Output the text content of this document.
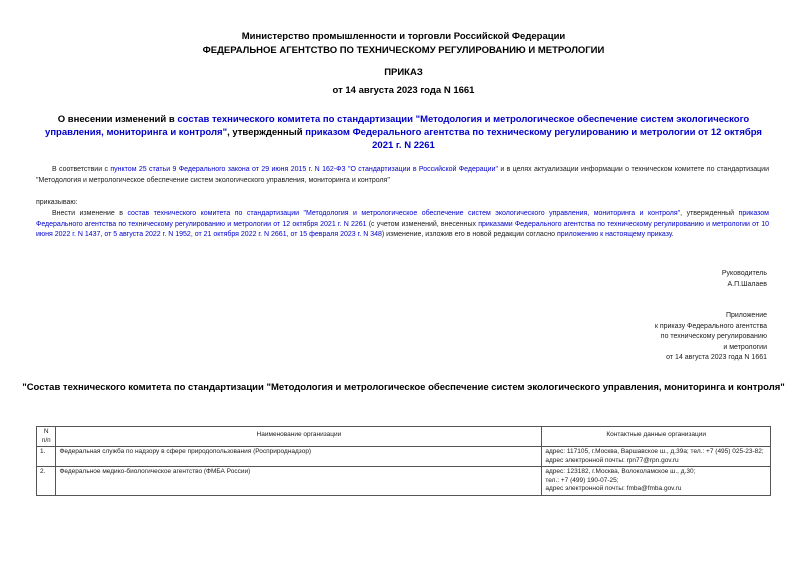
Министерство промышленности и торговли Российской Федерации
ФЕДЕРАЛЬНОЕ АГЕНТСТВО ПО ТЕХНИЧЕСКОМУ РЕГУЛИРОВАНИЮ И МЕТРОЛОГИИ
ПРИКАЗ
от 14 августа 2023 года N 1661
О внесении изменений в состав технического комитета по стандартизации "Методология и метрологическое обеспечение систем экологического управления, мониторинга и контроля", утвержденный приказом Федерального агентства по техническому регулированию и метрологии от 12 октября 2021 г. N 2261
В соответствии с пунктом 25 статьи 9 Федерального закона от 29 июня 2015 г. N 162-ФЗ "О стандартизации в Российской Федерации" и в целях актуализации информации о техническом комитете по стандартизации "Методология и метрологическое обеспечение систем экологического управления, мониторинга и контроля"
приказываю:
Внести изменение в состав технического комитета по стандартизации "Методология и метрологическое обеспечение систем экологического управления, мониторинга и контроля", утвержденный приказом Федерального агентства по техническому регулированию и метрологии от 12 октября 2021 г. N 2261 (с учетом изменений, внесенных приказами Федерального агентства по техническому регулированию и метрологии от 10 июня 2022 г. N 1437, от 5 августа 2022 г. N 1952, от 21 октября 2022 г. N 2661, от 15 февраля 2023 г. N 348) изменение, изложив его в новой редакции согласно приложению к настоящему приказу.
Руководитель
А.П.Шалаев
Приложение
к приказу Федерального агентства
по техническому регулированию
и метрологии
от 14 августа 2023 года N 1661
"Состав технического комитета по стандартизации "Методология и метрологическое обеспечение систем экологического управления, мониторинга и контроля"
N
п/п	Наименование организации	Контактные данные организации
1.	Федеральная служба по надзору в сфере природопользования (Росприроднадзор)	адрес: 117105, г.Москва, Варшавское ш., д.39а; тел.: +7 (495) 025-23-82;
адрес электронной почты: rpn77@rpn.gov.ru

2.	Федеральное медико-биологическое агентство (ФМБА России)	адрес: 123182, г.Москва, Волоколамское ш., д.30;
тел.: +7 (499) 190-07-25;
адрес электронной почты: fmba@fmba.gov.ru
